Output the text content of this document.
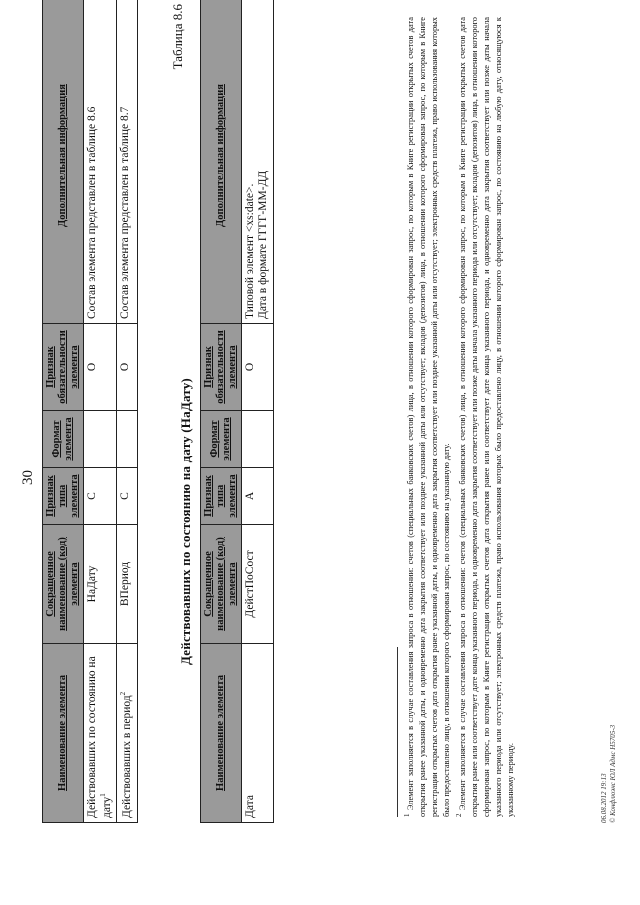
30
Наименование элемента	Сокращенное наименование (код) элемента	Признак типа элемента	Формат элемента	Признак обязательности элемента	Дополнительная информация
Действовавших по состоянию на дату$^1$	НаДату	С		О	Состав элемента представлен в таблице 8.6
Действовавших в период$^2$	ВПериод	С		О	Состав элемента представлен в таблице 8.7
Таблица 8.6
Действовавших по состоянию на дату (НаДату)
Наименование элемента	Сокращенное наименование (код) элемента	Признак типа элемента	Формат элемента	Признак обязательности элемента	Дополнительная информация
Дата	ДейстПоСост	А		О	Типовой элемент <xs:date>. Дата в формате ГГГГ-ММ-ДД

$^1$ Элемент заполняется в случае составления запроса в отношении: счетов (специальных банковских счетов) лица, в отношении которого сформирован запрос, по которым в Книге регистрации открытых счетов дата открытия ранее указанной даты, и одновременно дата закрытия соответствует или позднее указанной даты или отсутствует; вкладов (депозитов) лица, в отношении которого сформирован запрос, по которым в Книге регистрации открытых счетов дата открытия ранее указанной даты, и одновременно дата закрытия соответствует или позднее указанной даты или отсутствует; электронных средств платежа, право использования которых было предоставлено лицу, в отношении которого сформирован запрос, по состоянию на указанную дату. $^2$ Элемент заполняется в случае составления запроса в отношении: счетов (специальных банковских счетов) лица, в отношении которого сформирован запрос, по которым в Книге регистрации открытых счетов дата открытия ранее или соответствует дате конца указанного периода, и одновременно дата закрытия соответствует или позже даты начала указанного периода или отсутствует; вкладов (депозитов) лица, в отношении которого сформирован запрос, по которым в Книге регистрации открытых счетов дата открытия ранее или соответствует дате конца указанного периода, и одновременно дата закрытия соответствует или позже даты начала указанного периода или отсутствует; электронных средств платежа, право использования которых было предоставлено лицу, в отношении которого сформирован запрос, по состоянию на любую дату, относящуюся к указанному периоду.	06.08.2012 19:13 © Конфлюэнс ЮЛ Адмс Н5705-3
